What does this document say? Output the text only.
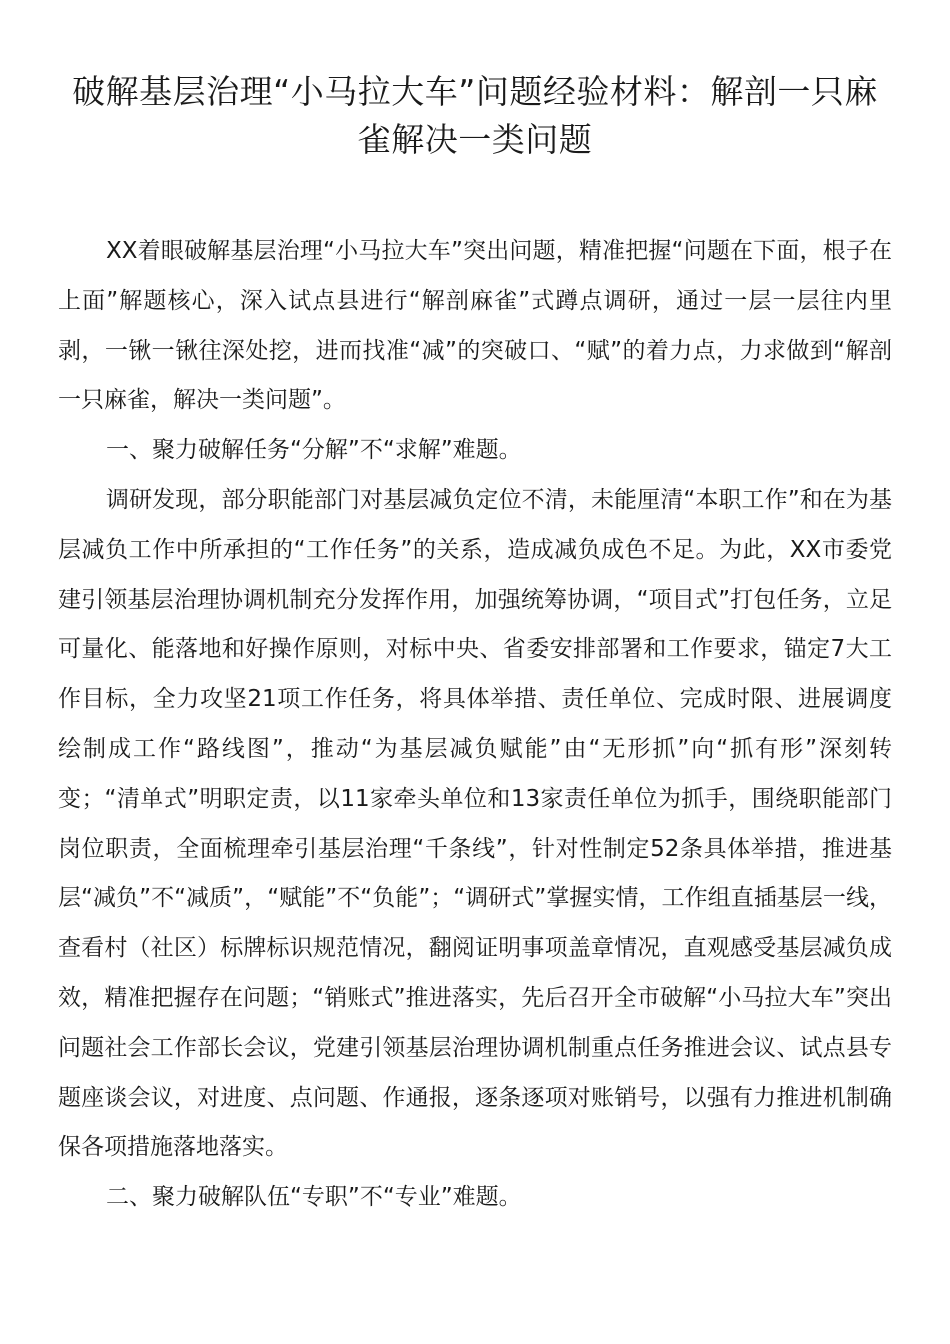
破解基层治理“小马拉大车”问题经验材料：解剖一只麻雀解决一类问题

XX着眼破解基层治理“小马拉大车”突出问题，精准把握“问题在下面，根子在上面”解题核心，深入试点县进行“解剖麻雀”式蹲点调研，通过一层一层往内里剥，一锹一锹往深处挖，进而找准“减”的突破口、“赋”的着力点，力求做到“解剖一只麻雀，解决一类问题”。

一、聚力破解任务“分解”不“求解”难题。

调研发现，部分职能部门对基层减负定位不清，未能厘清“本职工作”和在为基层减负工作中所承担的“工作任务”的关系，造成减负成色不足。为此，XX市委党建引领基层治理协调机制充分发挥作用，加强统筹协调，“项目式”打包任务，立足可量化、能落地和好操作原则，对标中央、省委安排部署和工作要求，锚定7大工作目标，全力攻坚21项工作任务，将具体举措、责任单位、完成时限、进展调度绘制成工作“路线图”，推动“为基层减负赋能”由“无形抓”向“抓有形”深刻转变；“清单式”明职定责，以11家牵头单位和13家责任单位为抓手，围绕职能部门岗位职责，全面梳理牵引基层治理“千条线”，针对性制定52条具体举措，推进基层“减负”不“减质”，“赋能”不“负能”；“调研式”掌握实情，工作组直插基层一线，查看村（社区）标牌标识规范情况，翻阅证明事项盖章情况，直观感受基层减负成效，精准把握存在问题；“销账式”推进落实，先后召开全市破解“小马拉大车”突出问题社会工作部长会议，党建引领基层治理协调机制重点任务推进会议、试点县专题座谈会议，对进度、点问题、作通报，逐条逐项对账销号，以强有力推进机制确保各项措施落地落实。

二、聚力破解队伍“专职”不“专业”难题。
